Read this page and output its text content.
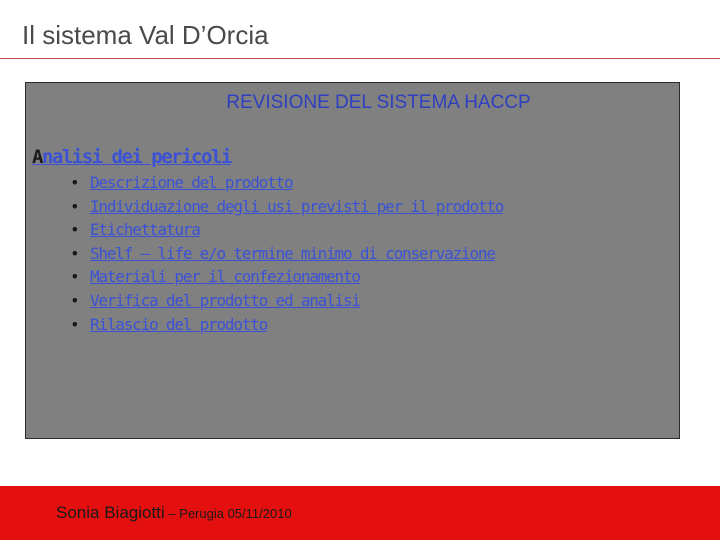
Il sistema Val D’Orcia
REVISIONE DEL SISTEMA HACCP
Analisi dei pericoli
• Descrizione del prodotto
• Individuazione degli usi previsti per il prodotto
• Etichettatura
• Shelf – life e/o termine minimo di conservazione
• Materiali per il confezionamento
• Verifica del prodotto ed analisi
• Rilascio del prodotto
Sonia Biagiotti – Perugia 05/11/2010
